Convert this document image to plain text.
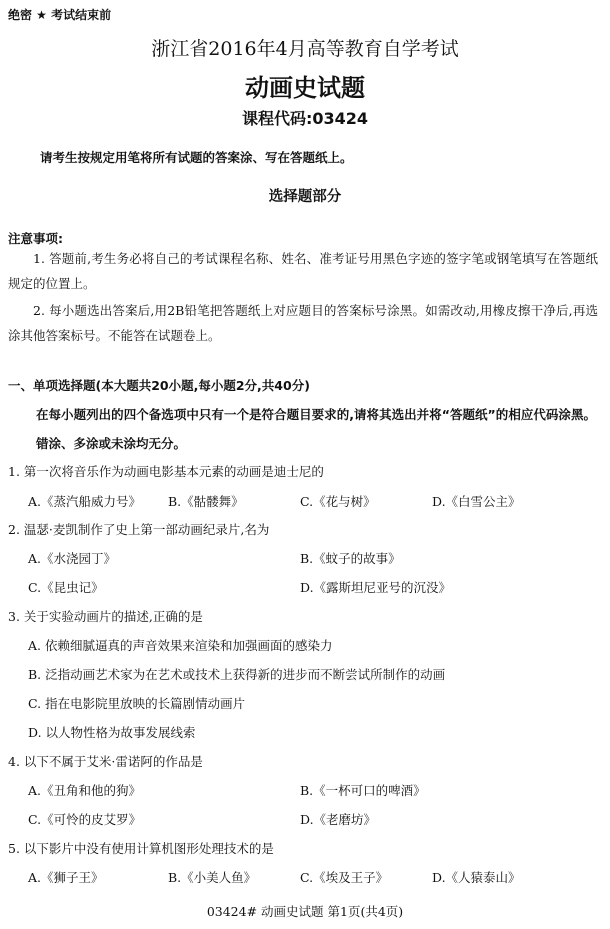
绝密 ★ 考试结束前
浙江省2016年4月高等教育自学考试
动画史试题
课程代码:03424
请考生按规定用笔将所有试题的答案涂、写在答题纸上。
选择题部分
注意事项:
1. 答题前,考生务必将自己的考试课程名称、姓名、准考证号用黑色字迹的签字笔或钢笔填写在答题纸规定的位置上。
2. 每小题选出答案后,用2B铅笔把答题纸上对应题目的答案标号涂黑。如需改动,用橡皮擦干净后,再选涂其他答案标号。不能答在试题卷上。
一、单项选择题(本大题共20小题,每小题2分,共40分)
在每小题列出的四个备选项中只有一个是符合题目要求的,请将其选出并将“答题纸”的相应代码涂黑。错涂、多涂或未涂均无分。
1. 第一次将音乐作为动画电影基本元素的动画是迪士尼的
A.《蒸汽船威力号》 B.《骷髅舞》	C.《花与树》	D.《白雪公主》
2. 温瑟·麦凯制作了史上第一部动画纪录片,名为
A.《水浇园丁》	B.《蚊子的故事》
C.《昆虫记》	D.《露斯坦尼亚号的沉没》
3. 关于实验动画片的描述,正确的是
A. 依赖细腻逼真的声音效果来渲染和加强画面的感染力
B. 泛指动画艺术家为在艺术或技术上获得新的进步而不断尝试所制作的动画
C. 指在电影院里放映的长篇剧情动画片
D. 以人物性格为故事发展线索
4. 以下不属于艾米·雷诺阿的作品是
A.《丑角和他的狗》	B.《一杯可口的啤酒》
C.《可怜的皮艾罗》	D.《老磨坊》
5. 以下影片中没有使用计算机图形处理技术的是
A.《狮子王》	B.《小美人鱼》	C.《埃及王子》	D.《人猿泰山》
03424# 动画史试题 第1页(共4页)
